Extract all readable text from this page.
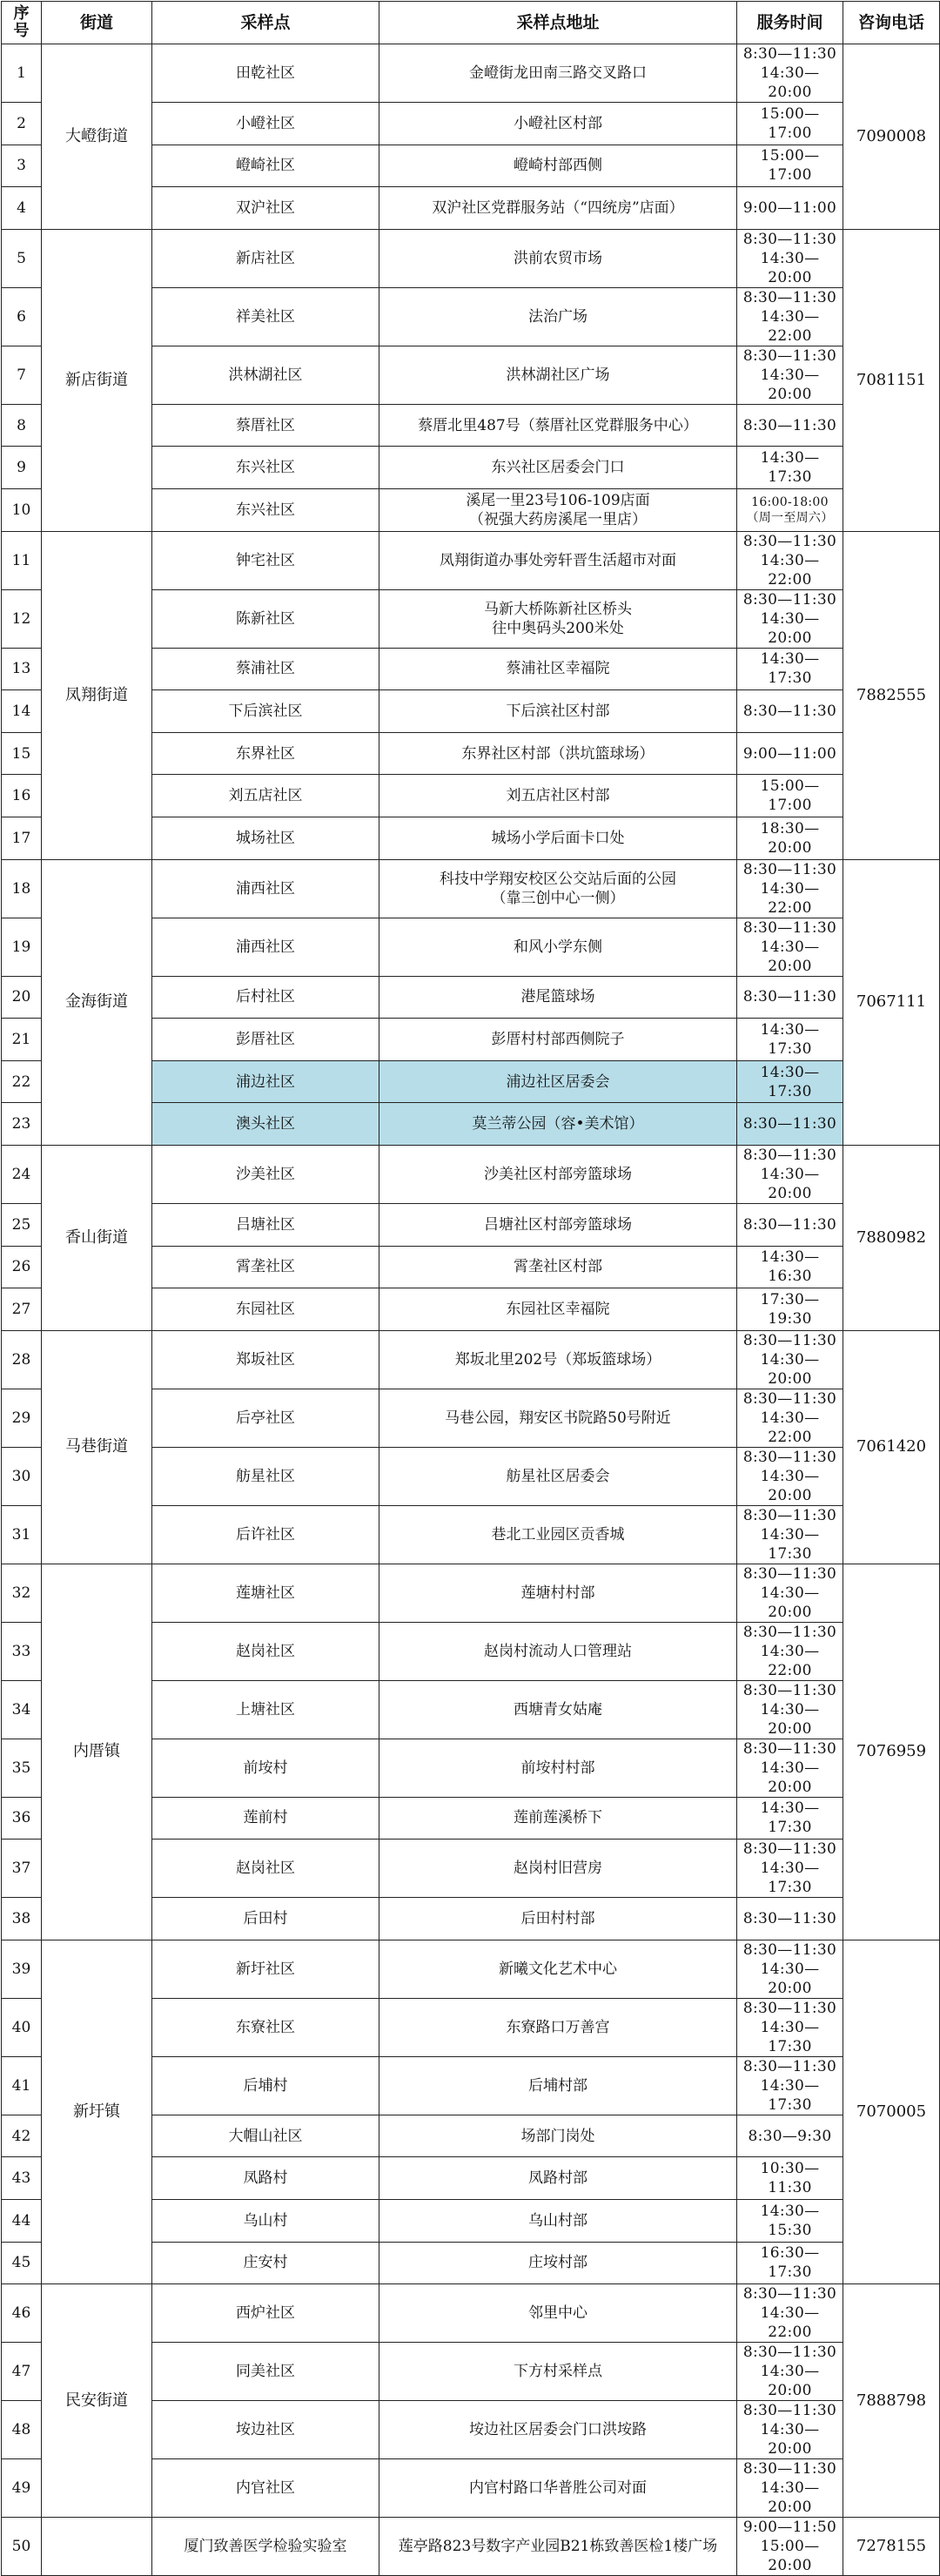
序号	街道	采样点	采样点地址	服务时间	咨询电话
1	大嶝街道	田乾社区	金嶝街龙田南三路交叉路口	8:30—11:30
14:30—20:00	7090008
2		小嶝社区	小嶝社区村部	15:00—17:00	
3		嶝崎社区	嶝崎村部西侧	15:00—17:00	
4		双沪社区	双沪社区党群服务站（“四统房”店面）	9:00—11:00	
5	新店街道	新店社区	洪前农贸市场	8:30—11:30
14:30—20:00	7081151
6		祥美社区	法治广场	8:30—11:30
14:30—22:00	
7		洪林湖社区	洪林湖社区广场	8:30—11:30
14:30—20:00	
8		蔡厝社区	蔡厝北里487号（蔡厝社区党群服务中心）	8:30—11:30	
9		东兴社区	东兴社区居委会门口	14:30—17:30	
10		东兴社区	溪尾一里23号106-109店面
（祝强大药房溪尾一里店）	16:00-18:00
（周一至周六）	
11	凤翔街道	钟宅社区	凤翔街道办事处旁轩晋生活超市对面	8:30—11:30
14:30—22:00	7882555
12		陈新社区	马新大桥陈新社区桥头
往中奥码头200米处	8:30—11:30
14:30—20:00	
13		蔡浦社区	蔡浦社区幸福院	14:30—17:30	
14		下后滨社区	下后滨社区村部	8:30—11:30	
15		东界社区	东界社区村部（洪坑篮球场）	9:00—11:00	
16		刘五店社区	刘五店社区村部	15:00—17:00	
17		城场社区	城场小学后面卡口处	18:30—20:00	
18	金海街道	浦西社区	科技中学翔安校区公交站后面的公园
（靠三创中心一侧）	8:30—11:30
14:30—22:00	7067111
19		浦西社区	和风小学东侧	8:30—11:30
14:30—20:00	
20		后村社区	港尾篮球场	8:30—11:30	
21		彭厝社区	彭厝村村部西侧院子	14:30—17:30	
22		浦边社区	浦边社区居委会	14:30—17:30	
23		澳头社区	莫兰蒂公园（容•美术馆）	8:30—11:30	
24	香山街道	沙美社区	沙美社区村部旁篮球场	8:30—11:30
14:30—20:00	7880982
25		吕塘社区	吕塘社区村部旁篮球场	8:30—11:30	
26		霄垄社区	霄垄社区村部	14:30—16:30	
27		东园社区	东园社区幸福院	17:30—19:30	
28	马巷街道	郑坂社区	郑坂北里202号（郑坂篮球场）	8:30—11:30
14:30—20:00	7061420
29		后亭社区	马巷公园，翔安区书院路50号附近	8:30—11:30
14:30—22:00	
30		舫星社区	舫星社区居委会	8:30—11:30
14:30—20:00	
31		后许社区	巷北工业园区贡香城	8:30—11:30
14:30—17:30	
32	内厝镇	莲塘社区	莲塘村村部	8:30—11:30
14:30—20:00	7076959
33		赵岗社区	赵岗村流动人口管理站	8:30—11:30
14:30—22:00	
34		上塘社区	西塘青女姑庵	8:30—11:30
14:30—20:00	
35		前垵村	前垵村村部	8:30—11:30
14:30—20:00	
36		莲前村	莲前莲溪桥下	14:30—17:30	
37		赵岗社区	赵岗村旧营房	8:30—11:30
14:30—17:30	
38		后田村	后田村村部	8:30—11:30	
39	新圩镇	新圩社区	新曦文化艺术中心	8:30—11:30
14:30—20:00	7070005
40		东寮社区	东寮路口万善宫	8:30—11:30
14:30—17:30	
41		后埔村	后埔村部	8:30—11:30
14:30—17:30	
42		大帽山社区	场部门岗处	8:30—9:30	
43		凤路村	凤路村部	10:30—11:30	
44		乌山村	乌山村部	14:30—15:30	
45		庄安村	庄垵村部	16:30—17:30	
46	民安街道	西炉社区	邻里中心	8:30—11:30
14:30—22:00	7888798
47		同美社区	下方村采样点	8:30—11:30
14:30—20:00	
48		垵边社区	垵边社区居委会门口洪垵路	8:30—11:30
14:30—20:00	
49		内官社区	内官村路口华普胜公司对面	8:30—11:30
14:30—20:00	
50		厦门致善医学检验实验室	莲亭路823号数字产业园B21栋致善医检1楼广场	9:00—11:50
15:00—20:00	7278155
